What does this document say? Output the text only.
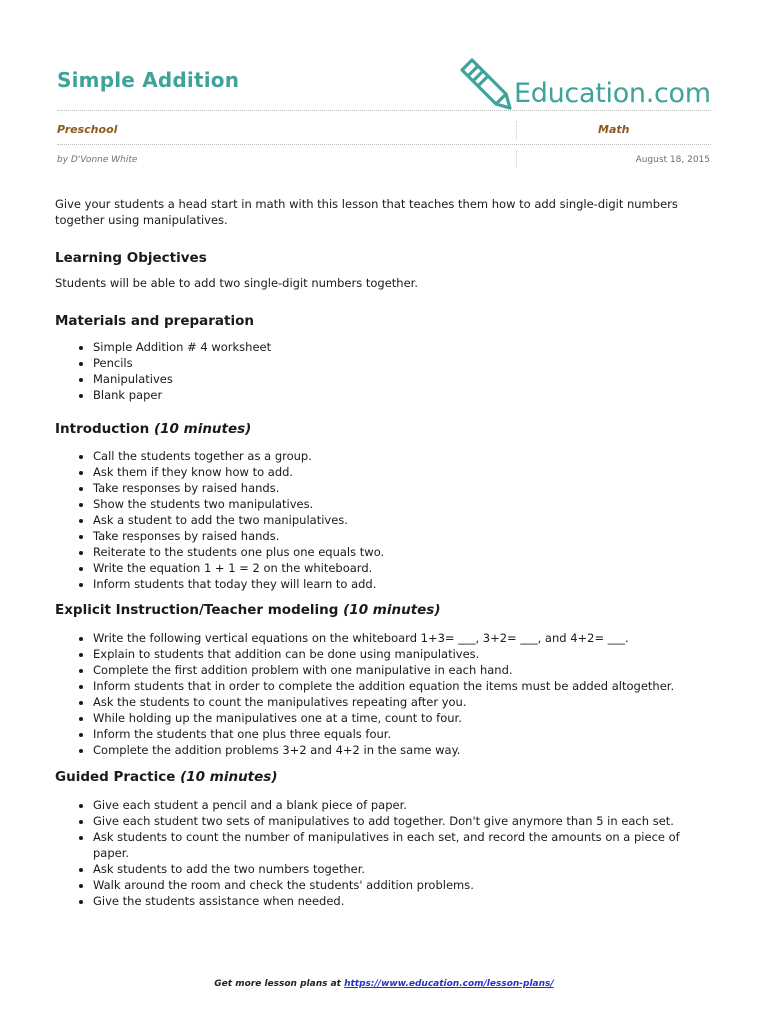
Simple Addition	Education.com
Preschool	Math
by D'Vonne White	August 18, 2015

Give your students a head start in math with this lesson that teaches them how to add single-digit numbers together using manipulatives.

Learning Objectives

Students will be able to add two single-digit numbers together.

Materials and preparation
• Simple Addition # 4 worksheet
• Pencils
• Manipulatives
• Blank paper
Introduction (10 minutes)
• Call the students together as a group.
• Ask them if they know how to add.
• Take responses by raised hands.
• Show the students two manipulatives.
• Ask a student to add the two manipulatives.
• Take responses by raised hands.
• Reiterate to the students one plus one equals two.
• Write the equation 1 + 1 = 2 on the whiteboard.
• Inform students that today they will learn to add.
Explicit Instruction/Teacher modeling (10 minutes)
• Write the following vertical equations on the whiteboard 1+3= ___, 3+2= ___, and 4+2= ___.
• Explain to students that addition can be done using manipulatives.
• Complete the first addition problem with one manipulative in each hand.
• Inform students that in order to complete the addition equation the items must be added altogether.
• Ask the students to count the manipulatives repeating after you.
• While holding up the manipulatives one at a time, count to four.
• Inform the students that one plus three equals four.
• Complete the addition problems 3+2 and 4+2 in the same way.
Guided Practice (10 minutes)
• Give each student a pencil and a blank piece of paper.
• Give each student two sets of manipulatives to add together. Don't give anymore than 5 in each set.
• Ask students to count the number of manipulatives in each set, and record the amounts on a piece of paper.
• Ask students to add the two numbers together.
• Walk around the room and check the students' addition problems.
• Give the students assistance when needed.
Get more lesson plans at https://www.education.com/lesson-plans/
